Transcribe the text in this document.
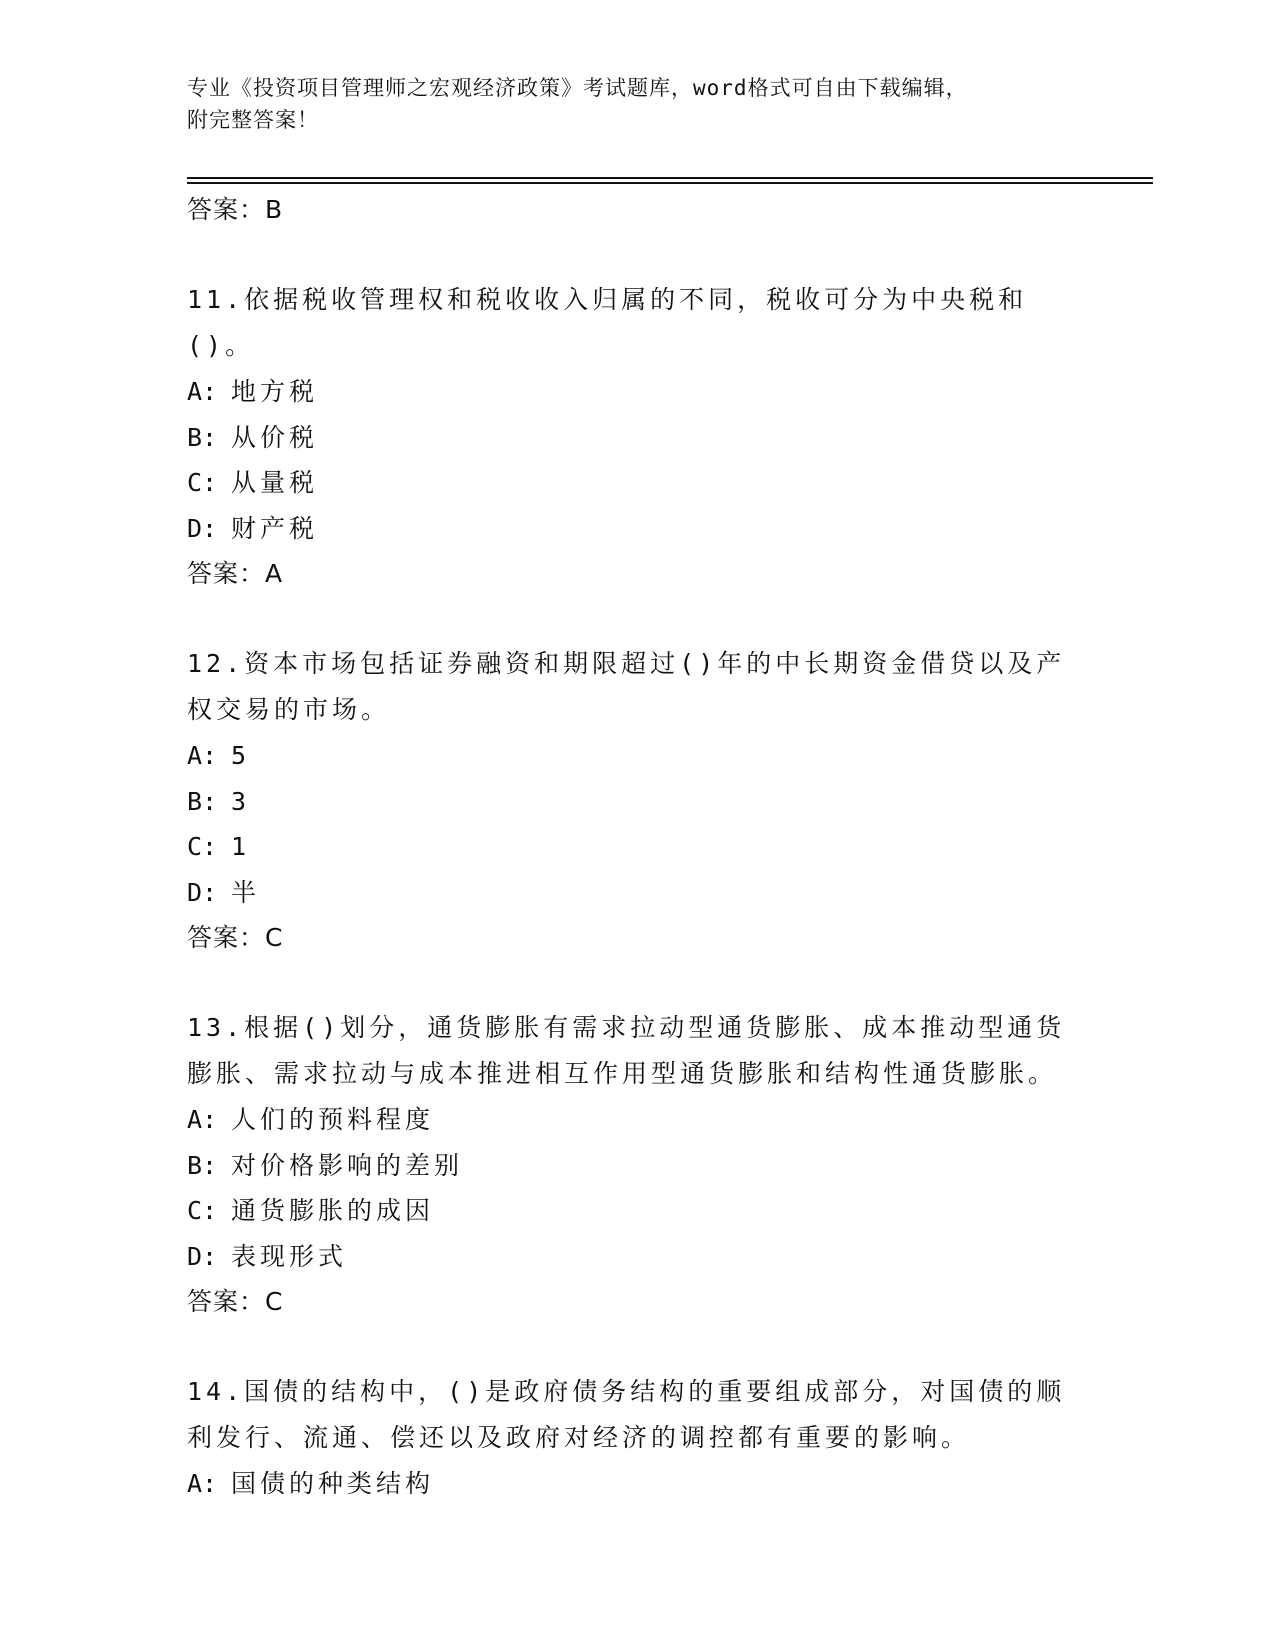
专业《投资项目管理师之宏观经济政策》考试题库，word格式可自由下载编辑，
附完整答案！
答案：B
11.依据税收管理权和税收收入归属的不同，税收可分为中央税和()。
A: 地方税
B: 从价税
C: 从量税
D: 财产税
答案：A
12.资本市场包括证券融资和期限超过()年的中长期资金借贷以及产权交易的市场。
A: 5
B: 3
C: 1
D: 半
答案：C
13.根据()划分，通货膨胀有需求拉动型通货膨胀、成本推动型通货膨胀、需求拉动与成本推进相互作用型通货膨胀和结构性通货膨胀。
A: 人们的预料程度
B: 对价格影响的差别
C: 通货膨胀的成因
D: 表现形式
答案：C
14.国债的结构中，()是政府债务结构的重要组成部分，对国债的顺利发行、流通、偿还以及政府对经济的调控都有重要的影响。
A: 国债的种类结构
